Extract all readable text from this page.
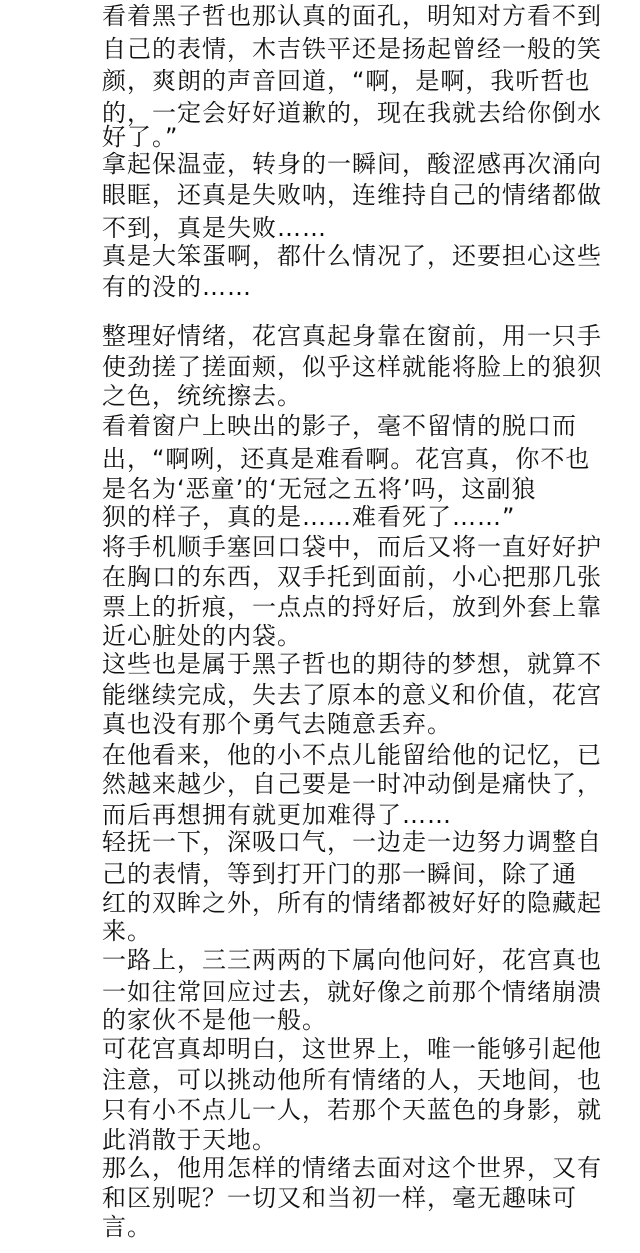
看着黑子哲也那认真的面孔，明知对方看不到
自己的表情，木吉铁平还是扬起曾经一般的笑
颜，爽朗的声音回道，“啊，是啊，我听哲也
的，一定会好好道歉的，现在我就去给你倒水
好了。”
拿起保温壶，转身的一瞬间，酸涩感再次涌向
眼眶，还真是失败呐，连维持自己的情绪都做
不到，真是失败……
真是大笨蛋啊，都什么情况了，还要担心这些
有的没的……
整理好情绪，花宫真起身靠在窗前，用一只手
使劲搓了搓面颊，似乎这样就能将脸上的狼狈
之色，统统擦去。
看着窗户上映出的影子，毫不留情的脱口而
出，“啊咧，还真是难看啊。花宫真，你不也
是名为‘恶童’的‘无冠之五将’吗，这副狼
狈的样子，真的是……难看死了……”
将手机顺手塞回口袋中，而后又将一直好好护
在胸口的东西，双手托到面前，小心把那几张
票上的折痕，一点点的捋好后，放到外套上靠
近心脏处的内袋。
这些也是属于黑子哲也的期待的梦想，就算不
能继续完成，失去了原本的意义和价值，花宫
真也没有那个勇气去随意丢弃。
在他看来，他的小不点儿能留给他的记忆，已
然越来越少，自己要是一时冲动倒是痛快了，
而后再想拥有就更加难得了……
轻抚一下，深吸口气，一边走一边努力调整自
己的表情，等到打开门的那一瞬间，除了通
红的双眸之外，所有的情绪都被好好的隐藏起
来。
一路上，三三两两的下属向他问好，花宫真也
一如往常回应过去，就好像之前那个情绪崩溃
的家伙不是他一般。
可花宫真却明白，这世界上，唯一能够引起他
注意，可以挑动他所有情绪的人，天地间，也
只有小不点儿一人，若那个天蓝色的身影，就
此消散于天地。
那么，他用怎样的情绪去面对这个世界，又有
和区别呢？一切又和当初一样，毫无趣味可
言。
